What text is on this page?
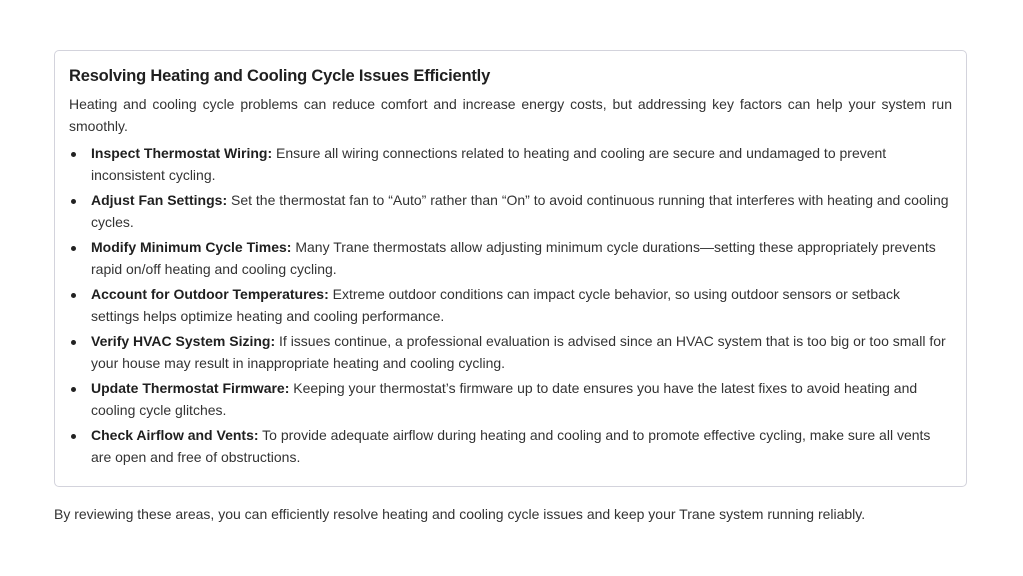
Resolving Heating and Cooling Cycle Issues Efficiently

Heating and cooling cycle problems can reduce comfort and increase energy costs, but addressing key factors can help your system run smoothly.

Inspect Thermostat Wiring: Ensure all wiring connections related to heating and cooling are secure and undamaged to prevent inconsistent cycling.
Adjust Fan Settings: Set the thermostat fan to “Auto” rather than “On” to avoid continuous running that interferes with heating and cooling cycles.
Modify Minimum Cycle Times: Many Trane thermostats allow adjusting minimum cycle durations—setting these appropriately prevents rapid on/off heating and cooling cycling.
Account for Outdoor Temperatures: Extreme outdoor conditions can impact cycle behavior, so using outdoor sensors or setback settings helps optimize heating and cooling performance.
Verify HVAC System Sizing: If issues continue, a professional evaluation is advised since an HVAC system that is too big or too small for your house may result in inappropriate heating and cooling cycling.
Update Thermostat Firmware: Keeping your thermostat’s firmware up to date ensures you have the latest fixes to avoid heating and cooling cycle glitches.
Check Airflow and Vents: To provide adequate airflow during heating and cooling and to promote effective cycling, make sure all vents are open and free of obstructions.

By reviewing these areas, you can efficiently resolve heating and cooling cycle issues and keep your Trane system running reliably.
